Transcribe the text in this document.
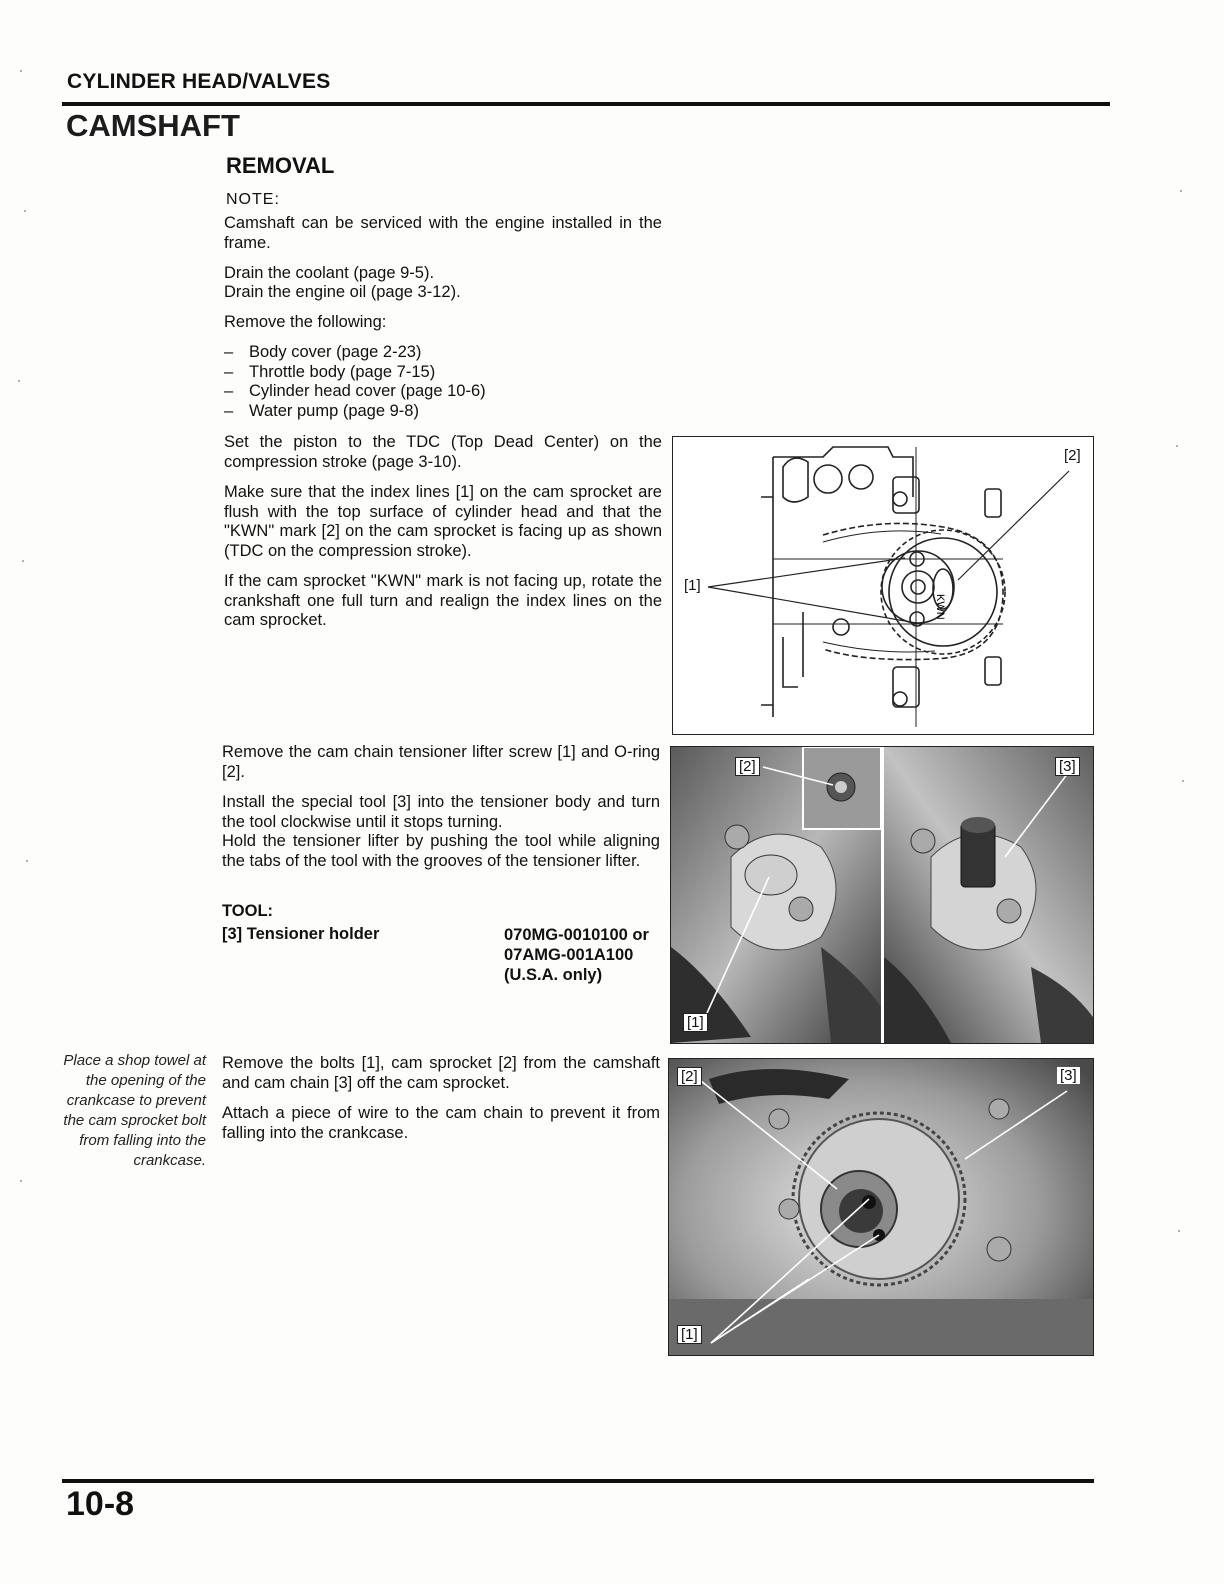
CYLINDER HEAD/VALVES
CAMSHAFT
REMOVAL
NOTE:
Camshaft can be serviced with the engine installed in the frame.
Drain the coolant (page 9-5).
Drain the engine oil (page 3-12).
Remove the following:
– Body cover (page 2-23)
– Throttle body (page 7-15)
– Cylinder head cover (page 10-6)
– Water pump (page 9-8)
Set the piston to the TDC (Top Dead Center) on the compression stroke (page 3-10).
Make sure that the index lines [1] on the cam sprocket are flush with the top surface of cylinder head and that the "KWN" mark [2] on the cam sprocket is facing up as shown (TDC on the compression stroke).
If the cam sprocket "KWN" mark is not facing up, rotate the crankshaft one full turn and realign the index lines on the cam sprocket.
KWN
[1]
[2]
Remove the cam chain tensioner lifter screw [1] and O-ring [2].
Install the special tool [3] into the tensioner body and turn the tool clockwise until it stops turning.
Hold the tensioner lifter by pushing the tool while aligning the tabs of the tool with the grooves of the tensioner lifter.
TOOL:
[3] Tensioner holder	070MG-0010100 or
07AMG-001A100
(U.S.A. only)
[1]
[2]	[3]
Place a shop towel at the opening of the crankcase to prevent the cam sprocket bolt from falling into the crankcase.
Remove the bolts [1], cam sprocket [2] from the camshaft and cam chain [3] off the cam sprocket.
Attach a piece of wire to the cam chain to prevent it from falling into the crankcase.
[1]
[2]	[3]
10-8
